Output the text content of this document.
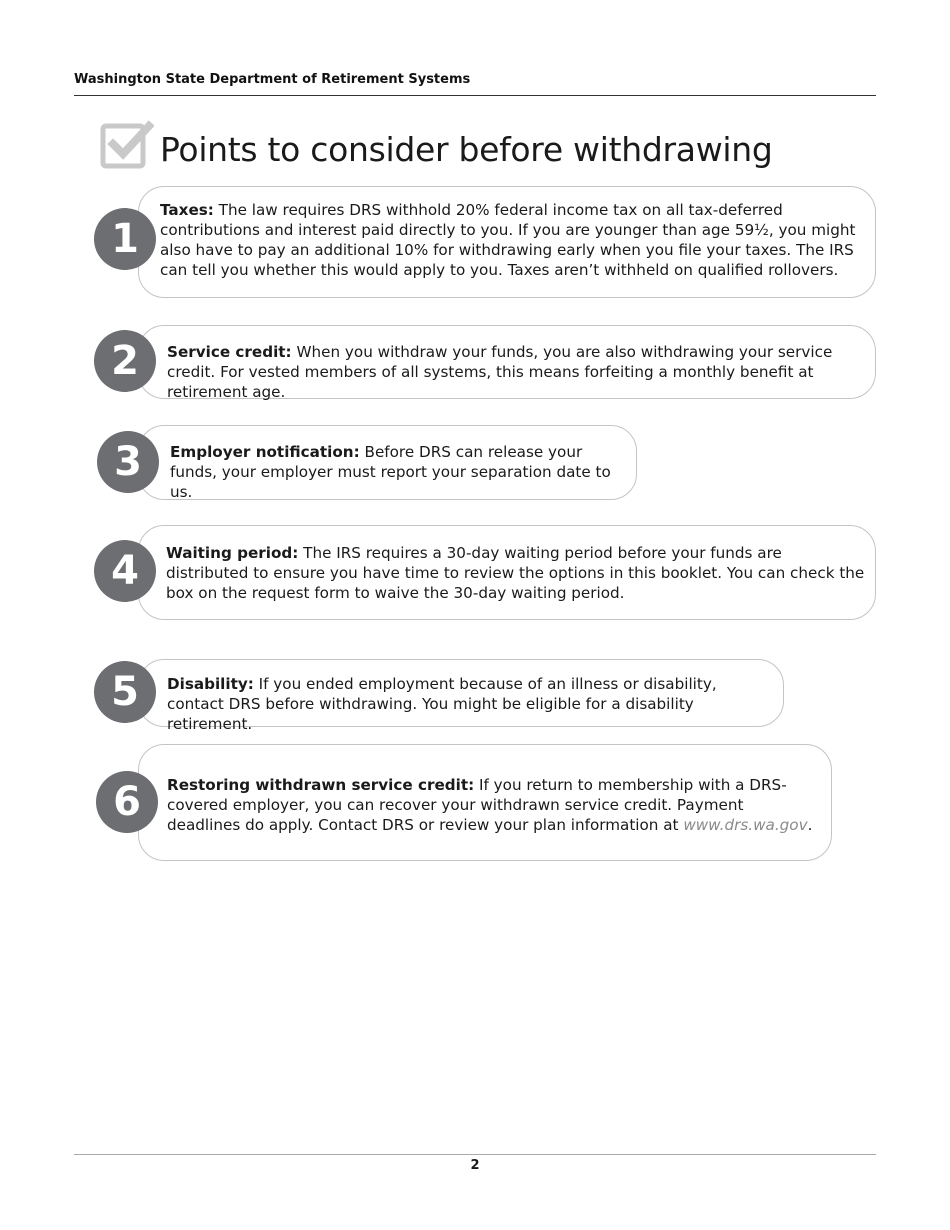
Washington State Department of Retirement Systems
Points to consider before withdrawing
1
Taxes: The law requires DRS withhold 20% federal income tax on all tax-deferred contributions and interest paid directly to you. If you are younger than age 59½, you might also have to pay an additional 10% for withdrawing early when you file your taxes. The IRS can tell you whether this would apply to you. Taxes aren’t withheld on qualified rollovers.
2	Service credit: When you withdraw your funds, you are also withdrawing your service credit. For vested members of all systems, this means forfeiting a monthly benefit at retirement age.
3	Employer notification: Before DRS can release your funds, your employer must report your separation date to us.
4	Waiting period: The IRS requires a 30-day waiting period before your funds are distributed to ensure you have time to review the options in this booklet. You can check the box on the request form to waive the 30-day waiting period.
5	Disability: If you ended employment because of an illness or disability, contact DRS before withdrawing. You might be eligible for a disability retirement.
6	Restoring withdrawn service credit: If you return to membership with a DRS-covered employer, you can recover your withdrawn service credit. Payment deadlines do apply. Contact DRS or review your plan information at www.drs.wa.gov.
2
